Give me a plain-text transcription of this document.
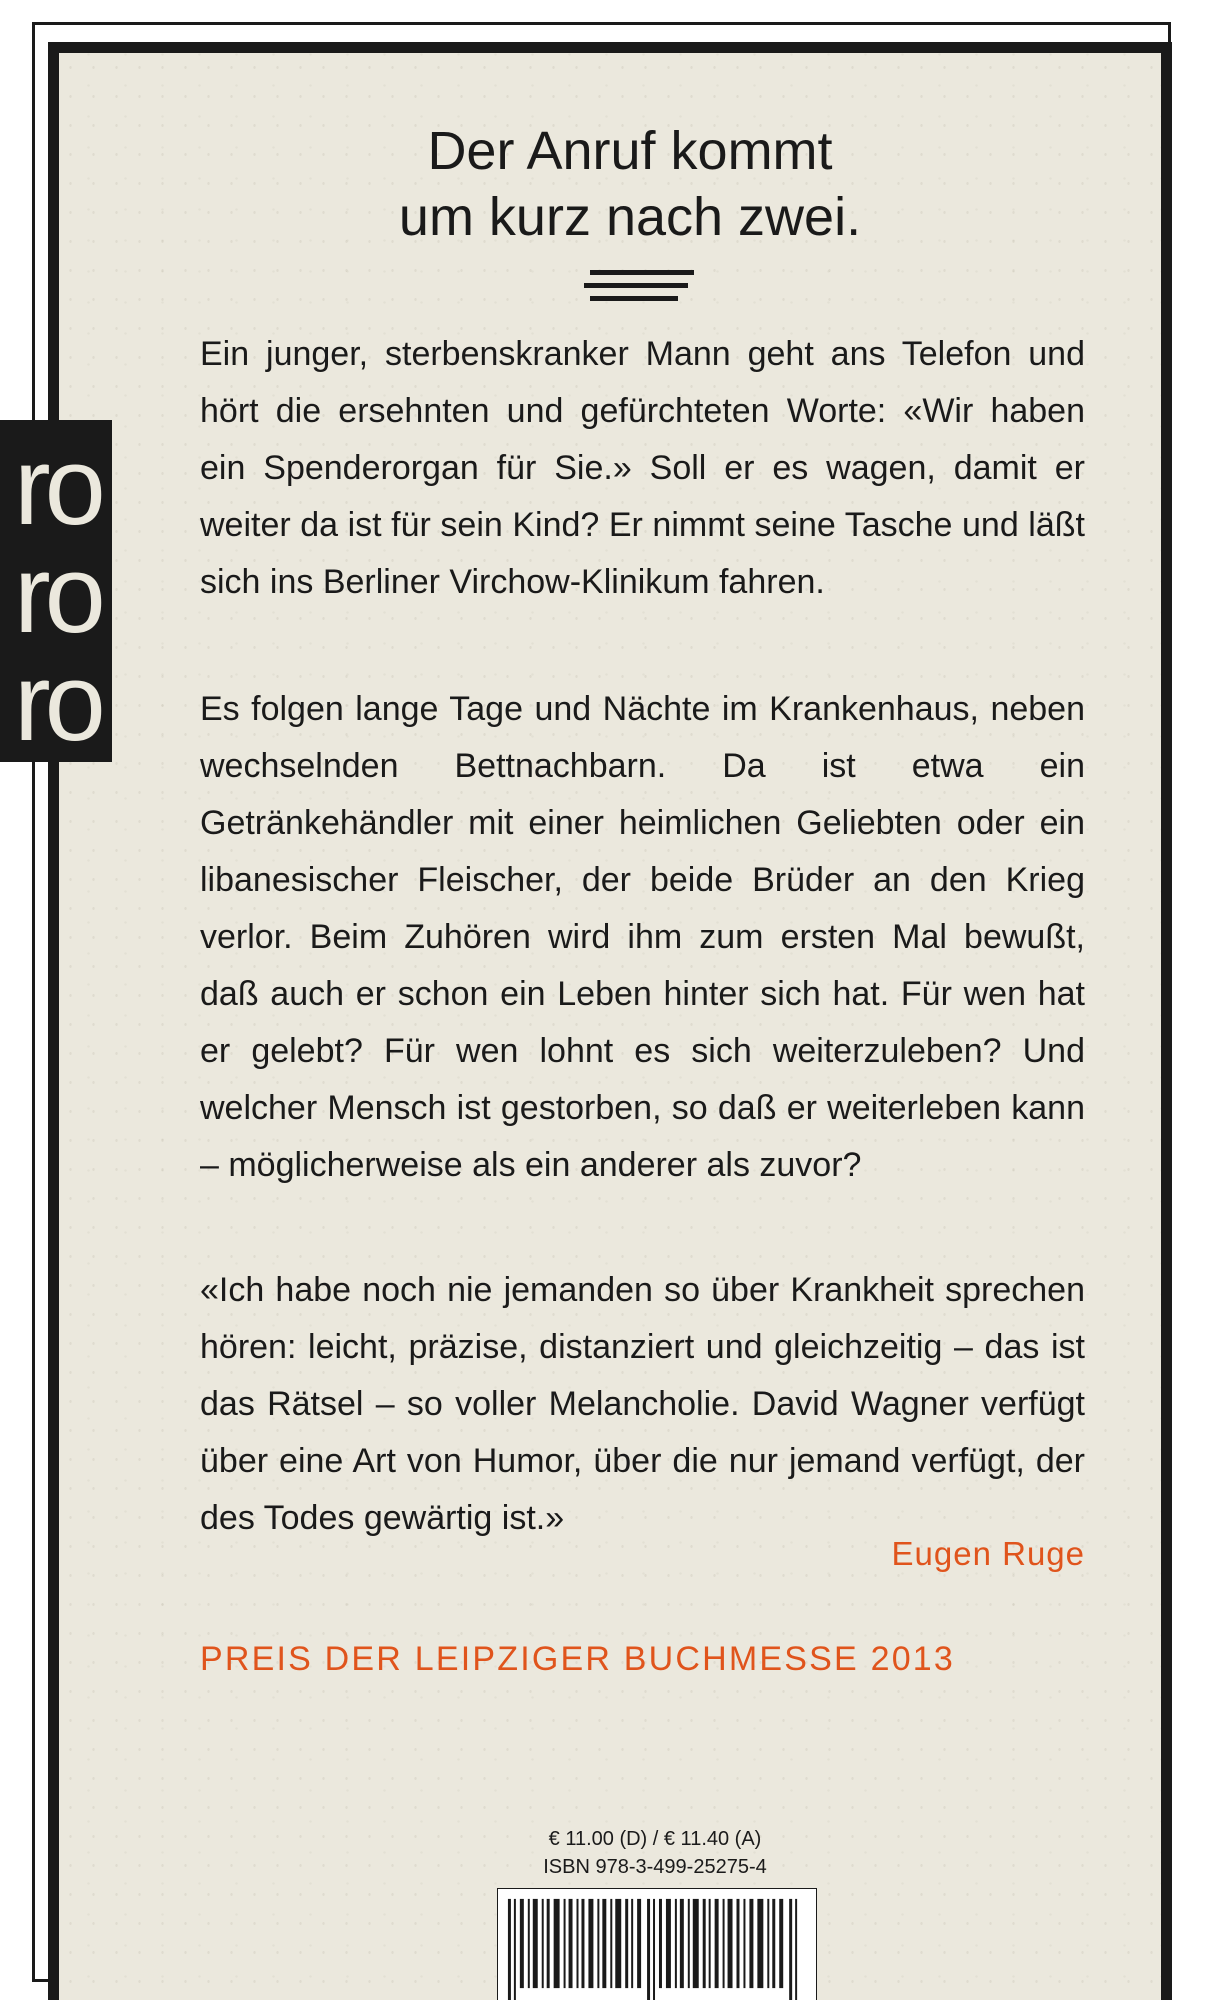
ro
ro
ro
Der Anruf kommt
um kurz nach zwei.

Ein junger, sterbenskranker Mann geht ans Telefon und hört die ersehnten und gefürchteten Worte: «Wir haben ein Spenderorgan für Sie.» Soll er es wagen, damit er weiter da ist für sein Kind? Er nimmt seine Tasche und läßt sich ins Berliner Virchow-Klinikum fahren.

Es folgen lange Tage und Nächte im Krankenhaus, neben wechselnden Bettnachbarn. Da ist etwa ein Getränkehändler mit einer heimlichen Geliebten oder ein libanesischer Fleischer, der beide Brüder an den Krieg verlor. Beim Zuhören wird ihm zum ersten Mal bewußt, daß auch er schon ein Leben hinter sich hat. Für wen hat er gelebt? Für wen lohnt es sich weiterzuleben? Und welcher Mensch ist gestorben, so daß er weiterleben kann – möglicherweise als ein anderer als zuvor?

«Ich habe noch nie jemanden so über Krankheit sprechen hören: leicht, präzise, distanziert und gleichzeitig – das ist das Rätsel – so voller Melancholie. David Wagner verfügt über eine Art von Humor, über die nur jemand verfügt, der des Todes gewärtig ist.»

Eugen Ruge
PREIS DER LEIPZIGER BUCHMESSE 2013
€ 11.00 (D) / € 11.40 (A)
ISBN 978-3-499-25275-4
